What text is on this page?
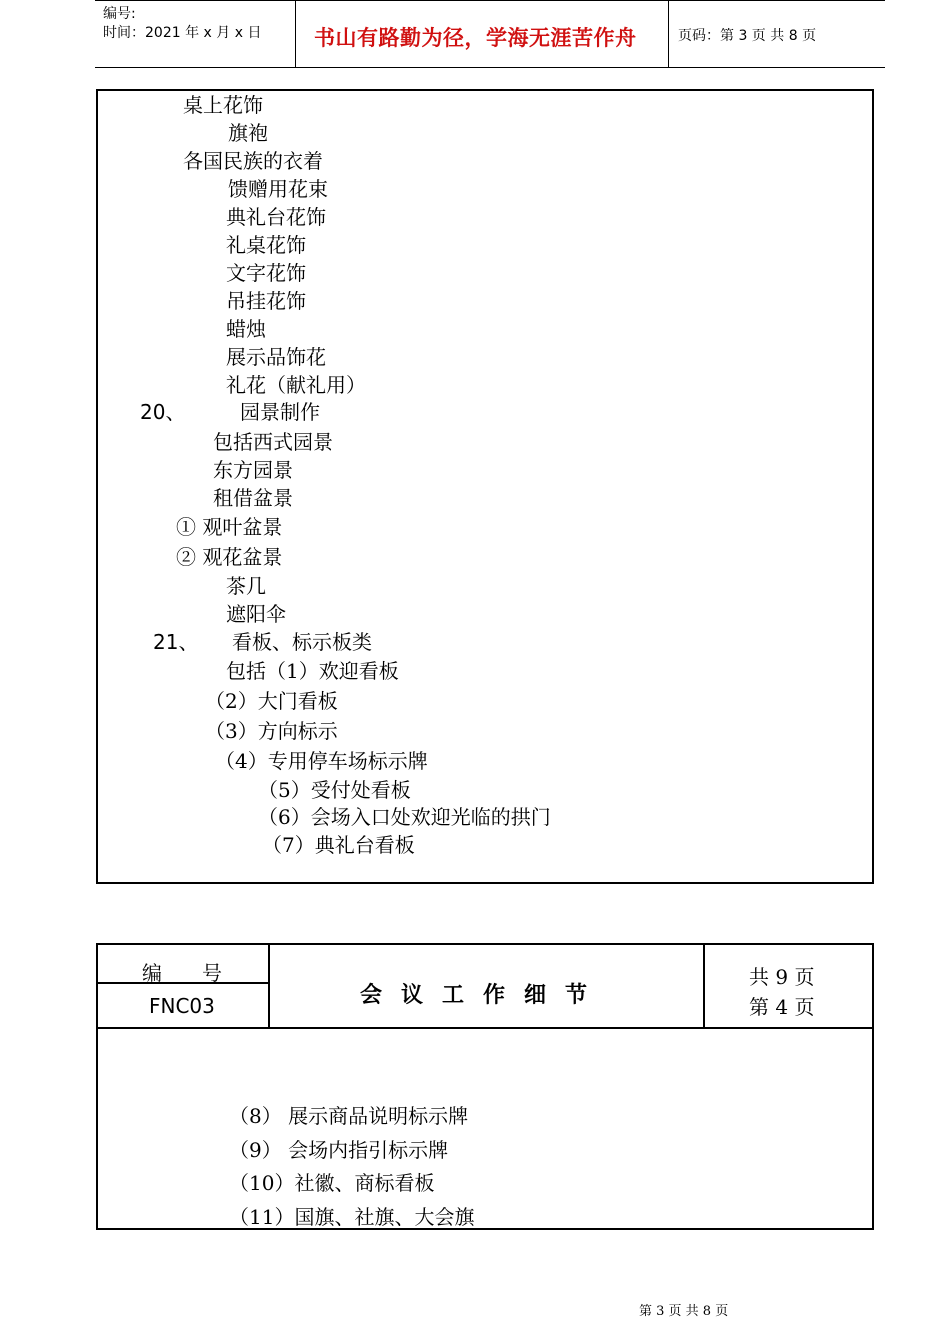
编号:
时间：2021 年 x 月 x 日	书山有路勤为径，学海无涯苦作舟	页码：第 3 页 共 8 页
桌上花饰
旗袍
各国民族的衣着
馈赠用花束
典礼台花饰
礼桌花饰
文字花饰
吊挂花饰
蜡烛
展示品饰花
礼花（献礼用）
20、	园景制作
包括西式园景
东方园景
租借盆景
① 观叶盆景
② 观花盆景
茶几
遮阳伞
21、 看板、标示板类
包括（1）欢迎看板
（2）大门看板
（3）方向标示
（4）专用停车场标示牌
（5）受付处看板
（6）会场入口处欢迎光临的拱门
（7）典礼台看板
编　　号
FNC03	会议工作细节
共 9 页
第 4 页
（8） 展示商品说明标示牌
（9） 会场内指引标示牌
（10）社徽、商标看板
（11）国旗、社旗、大会旗
第 3 页 共 8 页
